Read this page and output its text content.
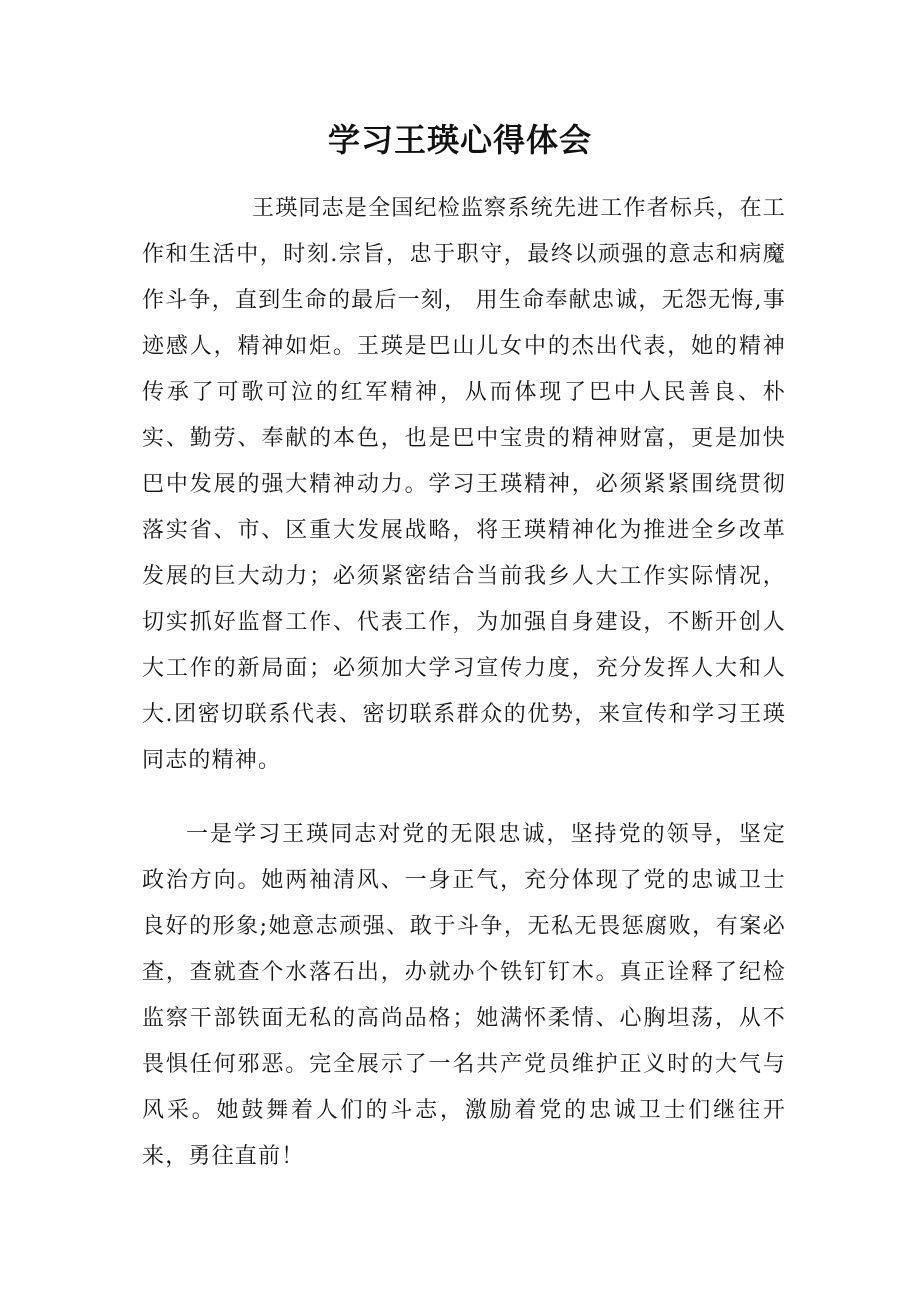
学习王瑛心得体会

王瑛同志是全国纪检监察系统先进工作者标兵，在工作和生活中，时刻.宗旨，忠于职守，最终以顽强的意志和病魔作斗争，直到生命的最后一刻， 用生命奉献忠诚，无怨无悔,事迹感人，精神如炬。王瑛是巴山儿女中的杰出代表，她的精神传承了可歌可泣的红军精神，从而体现了巴中人民善良、朴实、勤劳、奉献的本色，也是巴中宝贵的精神财富，更是加快巴中发展的强大精神动力。学习王瑛精神，必须紧紧围绕贯彻落实省、市、区重大发展战略，将王瑛精神化为推进全乡改革发展的巨大动力；必须紧密结合当前我乡人大工作实际情况，切实抓好监督工作、代表工作，为加强自身建设，不断开创人大工作的新局面；必须加大学习宣传力度，充分发挥人大和人大.团密切联系代表、密切联系群众的优势，来宣传和学习王瑛同志的精神。

一是学习王瑛同志对党的无限忠诚，坚持党的领导，坚定政治方向。她两袖清风、一身正气，充分体现了党的忠诚卫士良好的形象;她意志顽强、敢于斗争，无私无畏惩腐败，有案必查，查就查个水落石出，办就办个铁钉钉木。真正诠释了纪检监察干部铁面无私的高尚品格；她满怀柔情、心胸坦荡，从不畏惧任何邪恶。完全展示了一名共产党员维护正义时的大气与风采。她鼓舞着人们的斗志，激励着党的忠诚卫士们继往开来，勇往直前！
